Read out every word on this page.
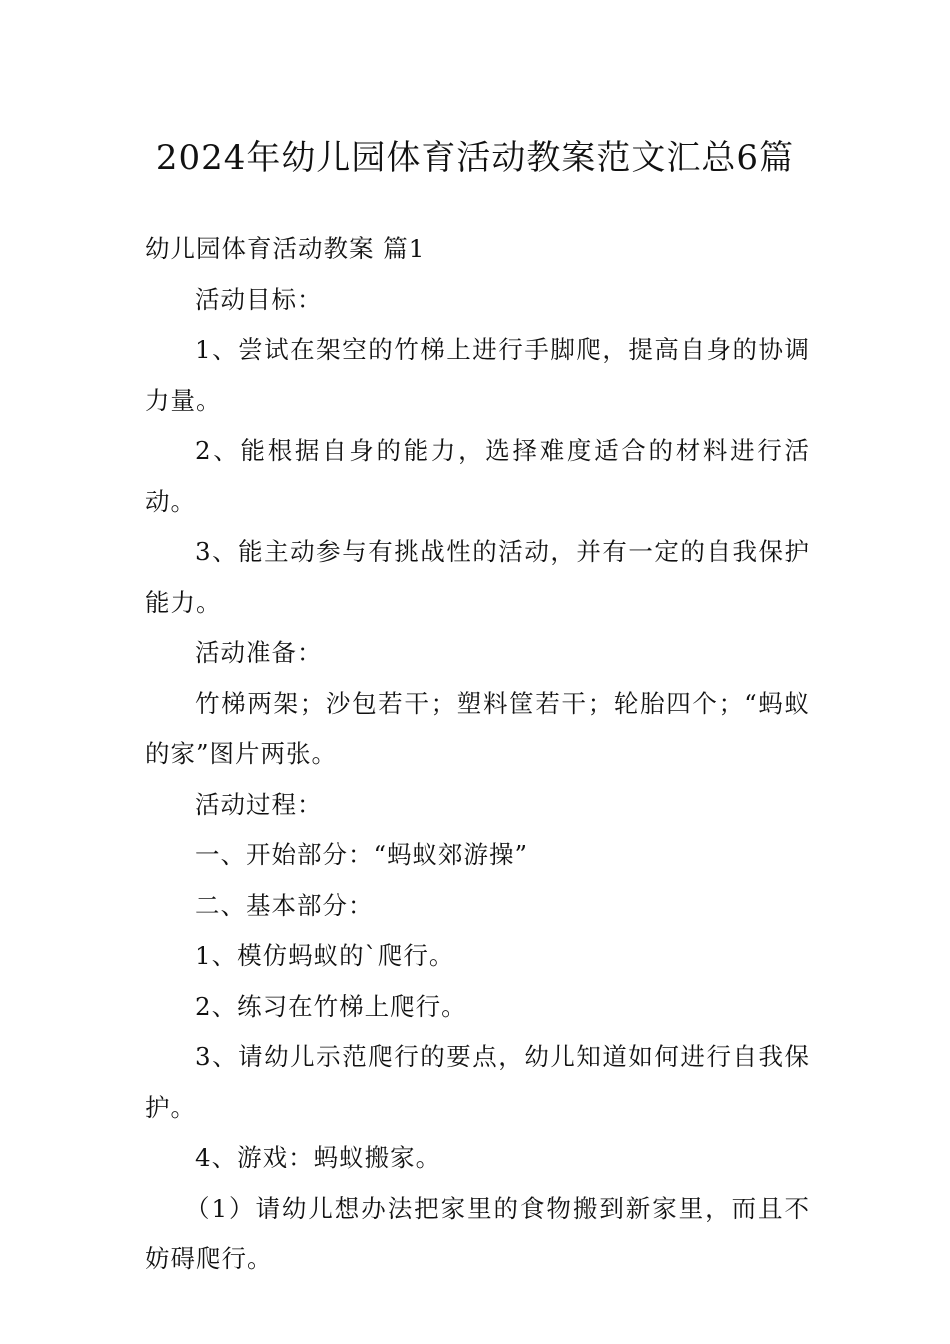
2024年幼儿园体育活动教案范文汇总6篇

幼儿园体育活动教案 篇1

活动目标：

1、尝试在架空的竹梯上进行手脚爬，提高自身的协调力量。

2、能根据自身的能力，选择难度适合的材料进行活动。

3、能主动参与有挑战性的活动，并有一定的自我保护能力。

活动准备：

竹梯两架；沙包若干；塑料筐若干；轮胎四个；“蚂蚁的家”图片两张。

活动过程：

一、开始部分：“蚂蚁郊游操”

二、基本部分：

1、模仿蚂蚁的`爬行。

2、练习在竹梯上爬行。

3、请幼儿示范爬行的要点，幼儿知道如何进行自我保护。

4、游戏：蚂蚁搬家。

（1）请幼儿想办法把家里的食物搬到新家里，而且不妨碍爬行。
